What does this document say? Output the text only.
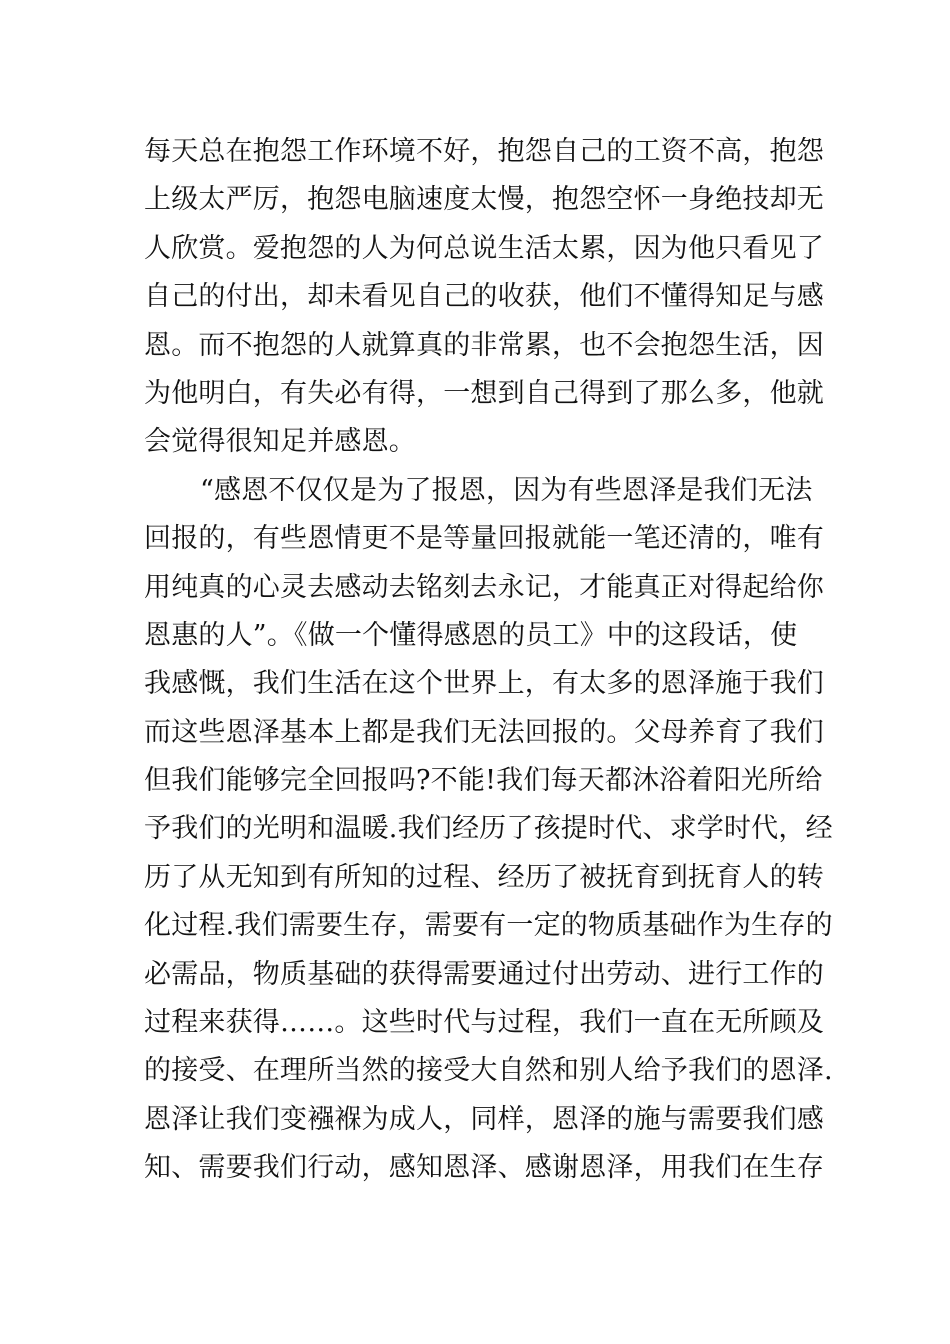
每天总在抱怨工作环境不好，抱怨自己的工资不高，抱怨
上级太严厉，抱怨电脑速度太慢，抱怨空怀一身绝技却无
人欣赏。爱抱怨的人为何总说生活太累，因为他只看见了
自己的付出，却未看见自己的收获，他们不懂得知足与感
恩。而不抱怨的人就算真的非常累，也不会抱怨生活，因
为他明白，有失必有得，一想到自己得到了那么多，他就
会觉得很知足并感恩。
“感恩不仅仅是为了报恩，因为有些恩泽是我们无法
回报的，有些恩情更不是等量回报就能一笔还清的，唯有
用纯真的心灵去感动去铭刻去永记，才能真正对得起给你
恩惠的人”。《做一个懂得感恩的员工》中的这段话，使
我感慨，我们生活在这个世界上，有太多的恩泽施于我们
而这些恩泽基本上都是我们无法回报的。父母养育了我们
但我们能够完全回报吗?不能!我们每天都沐浴着阳光所给
予我们的光明和温暖.我们经历了孩提时代、求学时代，经
历了从无知到有所知的过程、经历了被抚育到抚育人的转
化过程.我们需要生存，需要有一定的物质基础作为生存的
必需品，物质基础的获得需要通过付出劳动、进行工作的
过程来获得……。这些时代与过程，我们一直在无所顾及
的接受、在理所当然的接受大自然和别人给予我们的恩泽.
恩泽让我们变襁褓为成人，同样，恩泽的施与需要我们感
知、需要我们行动，感知恩泽、感谢恩泽，用我们在生存
